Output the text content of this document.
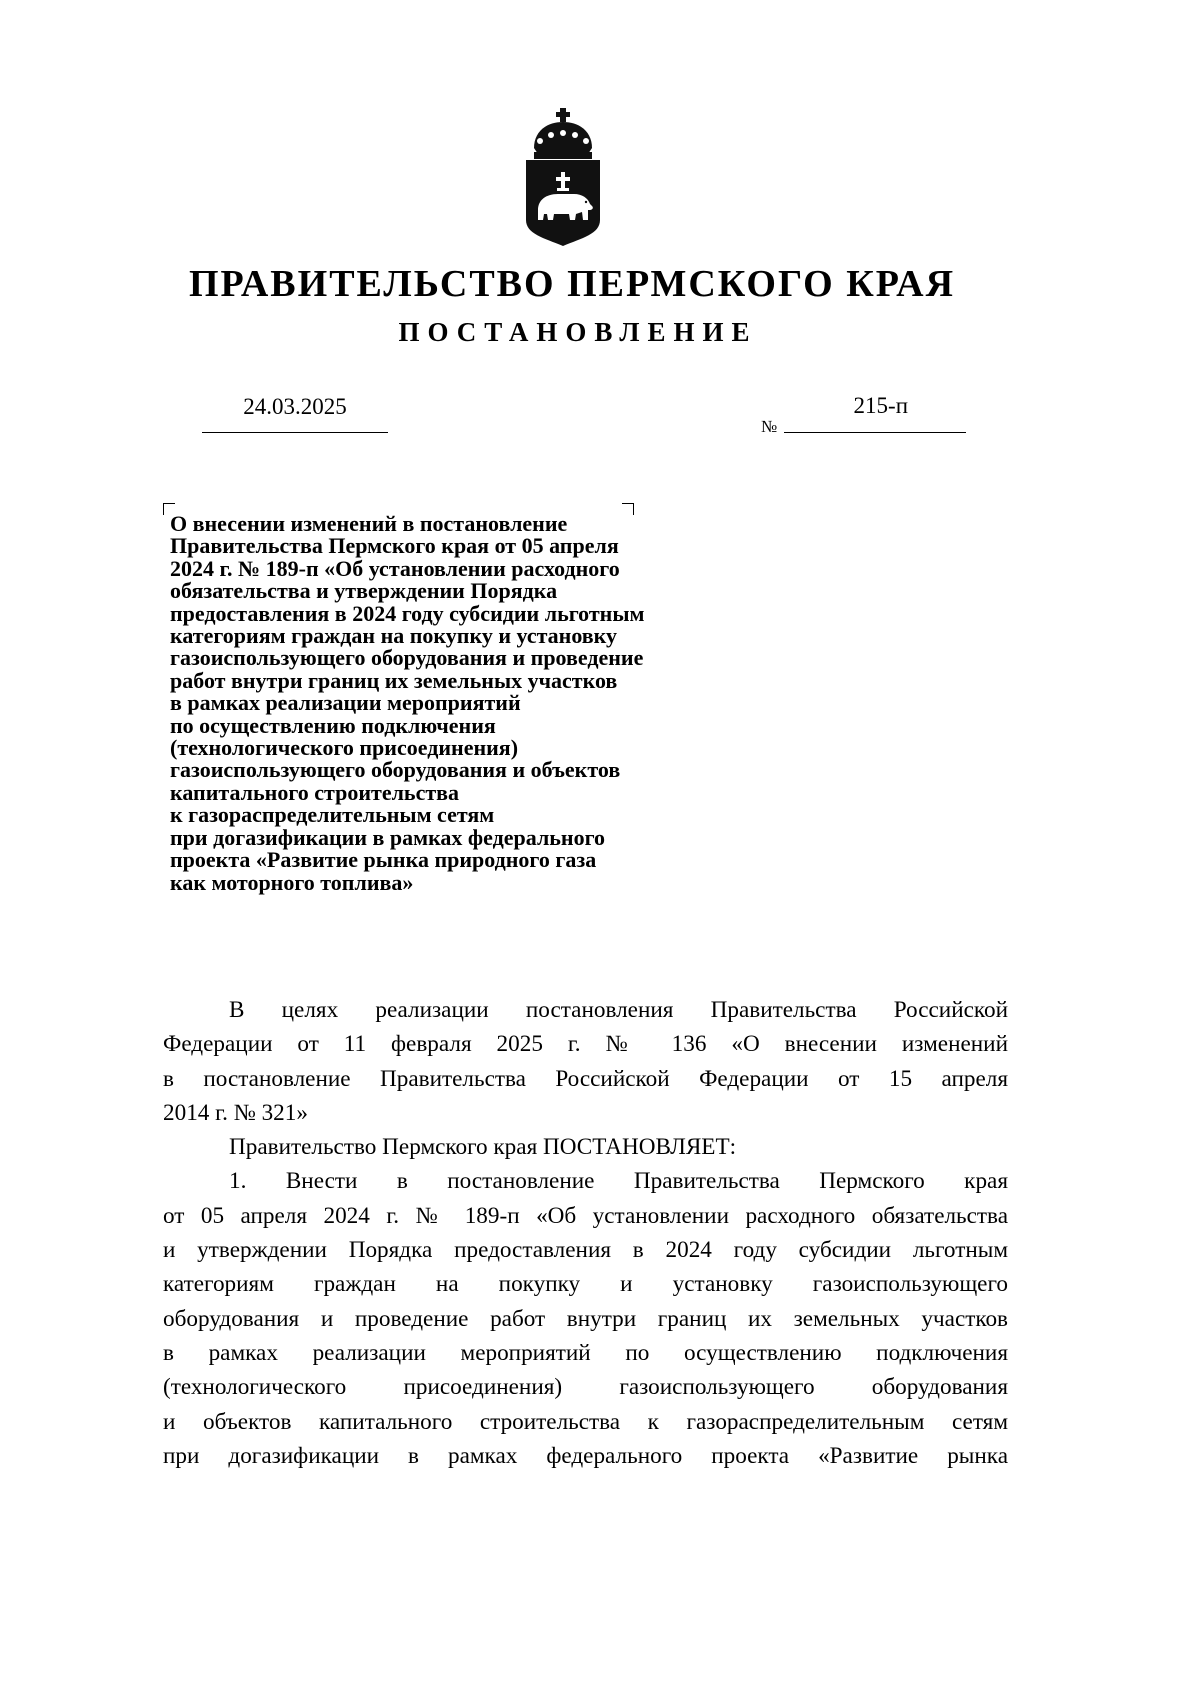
ПРАВИТЕЛЬСТВО ПЕРМСКОГО КРАЯ
ПОСТАНОВЛЕНИЕ
24.03.2025
№
215-п
О внесении изменений в постановление
Правительства Пермского края от 05 апреля
2024 г. № 189-п «Об установлении расходного
обязательства и утверждении Порядка
предоставления в 2024 году субсидии льготным
категориям граждан на покупку и установку
газоиспользующего оборудования и проведение
работ внутри границ их земельных участков
в рамках реализации мероприятий
по осуществлению подключения
(технологического присоединения)
газоиспользующего оборудования и объектов
капитального строительства
к газораспределительным сетям
при догазификации в рамках федерального
проекта «Развитие рынка природного газа
как моторного топлива»
В целях реализации постановления Правительства Российской
Федерации от 11 февраля 2025 г. № 136 «О внесении изменений
в постановление Правительства Российской Федерации от 15 апреля
2014 г. № 321»
Правительство Пермского края ПОСТАНОВЛЯЕТ:
1. Внести в постановление Правительства Пермского края
от 05 апреля 2024 г. № 189-п «Об установлении расходного обязательства
и утверждении Порядка предоставления в 2024 году субсидии льготным
категориям граждан на покупку и установку газоиспользующего
оборудования и проведение работ внутри границ их земельных участков
в рамках реализации мероприятий по осуществлению подключения
(технологического присоединения) газоиспользующего оборудования
и объектов капитального строительства к газораспределительным сетям
при догазификации в рамках федерального проекта «Развитие рынка
